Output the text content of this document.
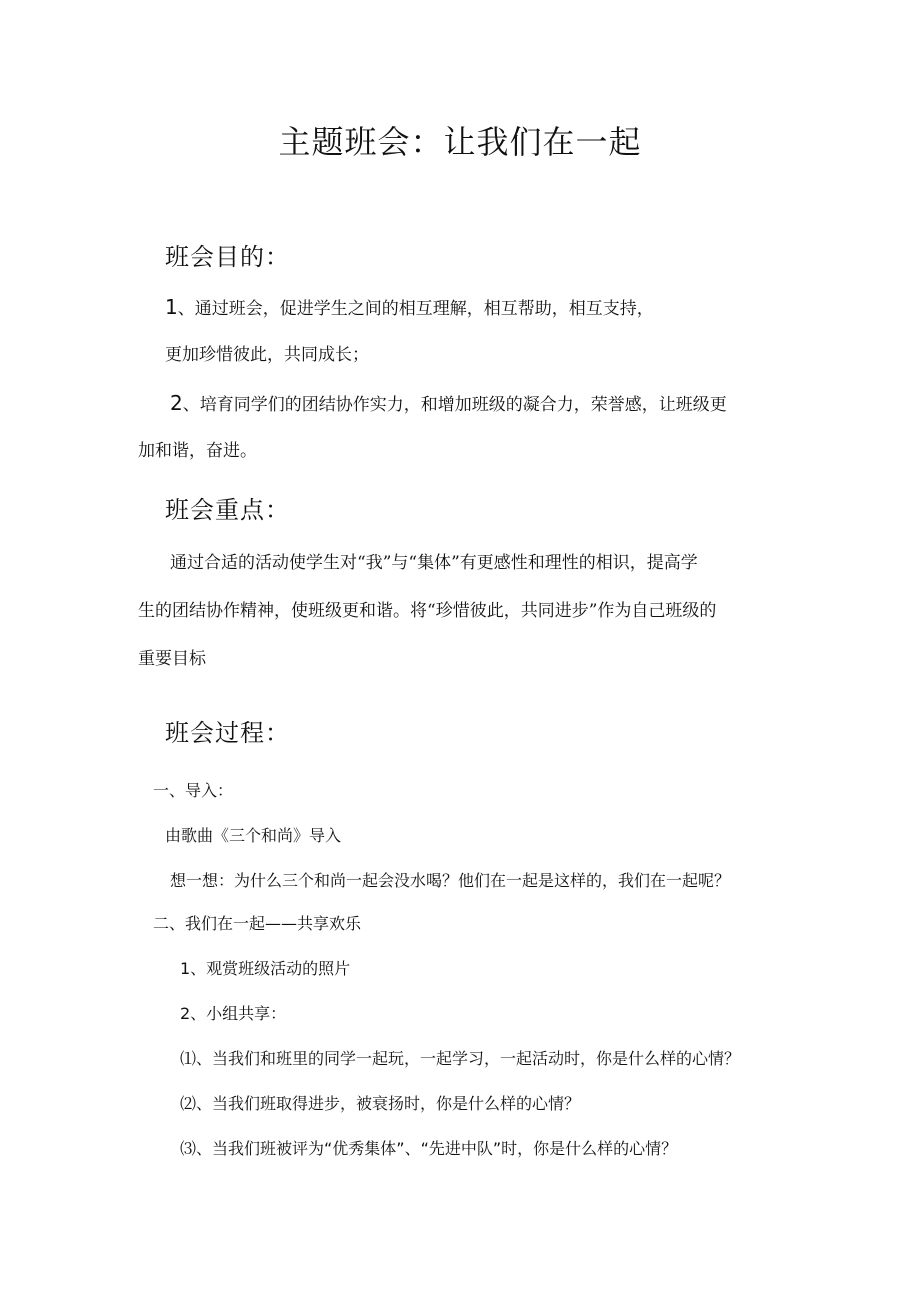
主题班会：让我们在一起
班会目的：
1、通过班会，促进学生之间的相互理解，相互帮助，相互支持，
更加珍惜彼此，共同成长；
2、培育同学们的团结协作实力，和增加班级的凝合力，荣誉感，让班级更
加和谐，奋进。
班会重点：
通过合适的活动使学生对“我”与“集体”有更感性和理性的相识，提高学
生的团结协作精神，使班级更和谐。将“珍惜彼此，共同进步”作为自己班级的
重要目标
班会过程：
一、导入：
由歌曲《三个和尚》导入
想一想：为什么三个和尚一起会没水喝？他们在一起是这样的，我们在一起呢？
二、我们在一起——共享欢乐
1、观赏班级活动的照片
2、小组共享：
⑴、当我们和班里的同学一起玩，一起学习，一起活动时，你是什么样的心情？
⑵、当我们班取得进步，被衰扬时，你是什么样的心情？
⑶、当我们班被评为“优秀集体”、“先进中队”时，你是什么样的心情？
